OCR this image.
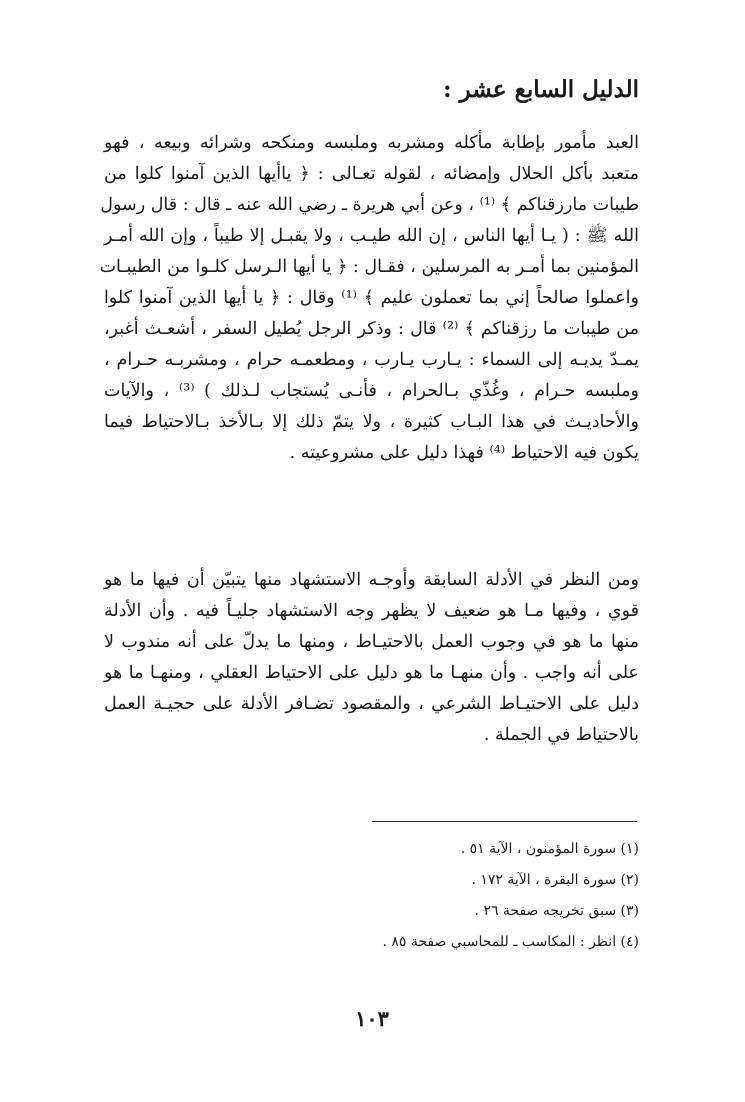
الدليل السابع عشر :
العبد مأمور بإطابة مأكله ومشربه وملبسه ومنكحه وشرائه وبيعه ، فهو
متعبد بأكل الحلال وإمضائه ، لقوله تعـالى : ﴿ ياأيها الذين آمنوا كلوا من
طيبات مارزقناكم ﴾ ⁽¹⁾ ، وعن أبي هريرة ـ رضي الله عنه ـ قال : قال رسول
الله ﷺ : ( يـا أيها الناس ، إن الله طيـب ، ولا يقبـل إلا طيباً ، وإن الله أمـر
المؤمنين بما أمـر به المرسلين ، فقـال : ﴿ يا أيها الـرسل كلـوا من الطيبـات
واعملوا صالحاً إني بما تعملون عليم ﴾ ⁽¹⁾ وقال : ﴿ يا أيها الذين آمنوا كلوا
من طيبات ما رزقناكم ﴾ ⁽²⁾ قال : وذكر الرجل يُطيل السفر ، أشعـث أغبر،
يمـدّ يديـه إلى السماء : يـارب يـارب ، ومطعمـه حرام ، ومشربـه حـرام ،
وملبسه حـرام ، وغُذّي بـالحرام ، فأنـى يُستجاب لـذلك ) ⁽³⁾ ، والآيات
والأحاديـث في هذا البـاب كثيرة ، ولا يتمّ ذلك إلا بـالأخذ بـالاحتياط فيما
يكون فيه الاحتياط ⁽⁴⁾ فهذا دليل على مشروعيته .
ومن النظر في الأدلة السابقة وأوجـه الاستشهاد منها يتبيّن أن فيها ما هو
قوي ، وفيها مـا هو ضعيف لا يظهر وجه الاستشهاد جليـاً فيه . وأن الأدلة
منها ما هو في وجوب العمل بالاحتيـاط ، ومنها ما يدلّ على أنه مندوب لا
على أنه واجب . وأن منهـا ما هو دليل على الاحتياط العقلي ، ومنهـا ما هو
دليل على الاحتيـاط الشرعي ، والمقصود تضـافر الأدلة على حجيـة العمل
بالاحتياط في الجملة .
(١) سورة المؤمنون ، الآية ٥١ .
(٢) سورة البقرة ، الآية ١٧٢ .
(٣) سبق تخريجه صفحة ٢٦ .
(٤) انظر : المكاسب ـ للمحاسبي صفحة ٨٥ .
١٠٣
